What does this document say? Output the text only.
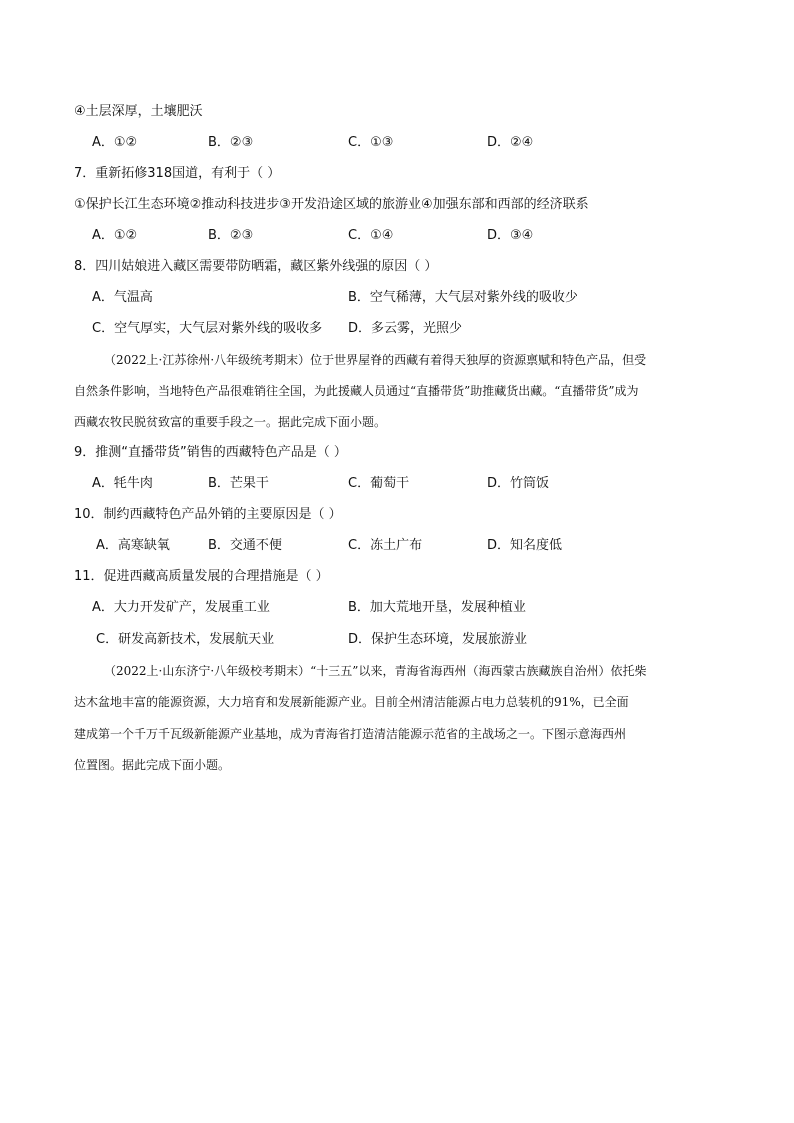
④土层深厚，土壤肥沃
A．①②	B．②③	C．①③	D．②④
7．重新拓修318国道，有利于（ ）
①保护长江生态环境②推动科技进步③开发沿途区域的旅游业④加强东部和西部的经济联系
A．①②	B．②③	C．①④	D．③④
8．四川姑娘进入藏区需要带防晒霜，藏区紫外线强的原因（ ）
A．气温高	B．空气稀薄，大气层对紫外线的吸收少
C．空气厚实，大气层对紫外线的吸收多 D．多云雾，光照少
（2022上·江苏徐州·八年级统考期末）位于世界屋脊的西藏有着得天独厚的资源禀赋和特色产品，但受
自然条件影响，当地特色产品很难销往全国，为此援藏人员通过“直播带货”助推藏货出藏。“直播带货”成为
西藏农牧民脱贫致富的重要手段之一。据此完成下面小题。
9．推测“直播带货”销售的西藏特色产品是（ ）
A．牦牛肉	B．芒果干	C．葡萄干	D．竹筒饭
10．制约西藏特色产品外销的主要原因是（ ）
A．高寒缺氧	B．交通不便	C．冻土广布	D．知名度低
11．促进西藏高质量发展的合理措施是（ ）
A．大力开发矿产，发展重工业	B．加大荒地开垦，发展种植业
C．研发高新技术，发展航天业	D．保护生态环境，发展旅游业
（2022上·山东济宁·八年级校考期末）“十三五”以来，青海省海西州（海西蒙古族藏族自治州）依托柴
达木盆地丰富的能源资源，大力培育和发展新能源产业。目前全州清洁能源占电力总装机的91%，已全面
建成第一个千万千瓦级新能源产业基地，成为青海省打造清洁能源示范省的主战场之一。下图示意海西州
位置图。据此完成下面小题。
